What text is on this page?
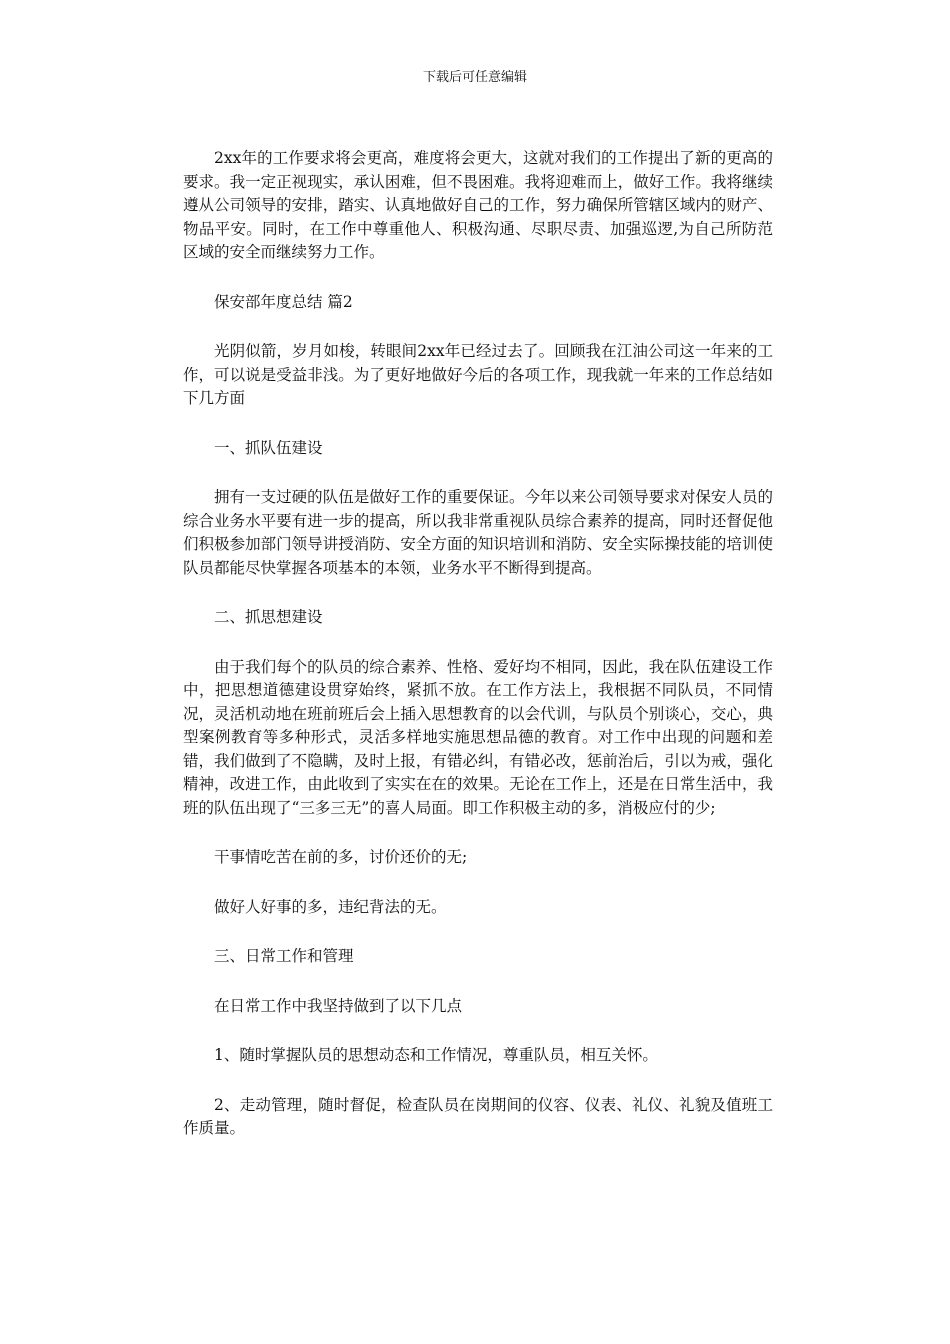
下载后可任意编辑

2xx年的工作要求将会更高，难度将会更大，这就对我们的工作提出了新的更高的要求。我一定正视现实，承认困难，但不畏困难。我将迎难而上，做好工作。我将继续遵从公司领导的安排，踏实、认真地做好自己的工作，努力确保所管辖区域内的财产、物品平安。同时，在工作中尊重他人、积极沟通、尽职尽责、加强巡逻,为自己所防范区域的安全而继续努力工作。

保安部年度总结 篇2

光阴似箭，岁月如梭，转眼间2xx年已经过去了。回顾我在江油公司这一年来的工作，可以说是受益非浅。为了更好地做好今后的各项工作，现我就一年来的工作总结如下几方面

一、抓队伍建设

拥有一支过硬的队伍是做好工作的重要保证。今年以来公司领导要求对保安人员的综合业务水平要有进一步的提高，所以我非常重视队员综合素养的提高，同时还督促他们积极参加部门领导讲授消防、安全方面的知识培训和消防、安全实际操技能的培训使队员都能尽快掌握各项基本的本领，业务水平不断得到提高。

二、抓思想建设

由于我们每个的队员的综合素养、性格、爱好均不相同，因此，我在队伍建设工作中，把思想道德建设贯穿始终，紧抓不放。在工作方法上，我根据不同队员，不同情况，灵活机动地在班前班后会上插入思想教育的以会代训，与队员个别谈心，交心，典型案例教育等多种形式，灵活多样地实施思想品德的教育。对工作中出现的问题和差错，我们做到了不隐瞒，及时上报，有错必纠，有错必改，惩前治后，引以为戒，强化精神，改进工作，由此收到了实实在在的效果。无论在工作上，还是在日常生活中，我班的队伍出现了“三多三无”的喜人局面。即工作积极主动的多，消极应付的少;

干事情吃苦在前的多，讨价还价的无;

做好人好事的多，违纪背法的无。

三、日常工作和管理

在日常工作中我坚持做到了以下几点

1、随时掌握队员的思想动态和工作情况，尊重队员，相互关怀。

2、走动管理，随时督促，检查队员在岗期间的仪容、仪表、礼仪、礼貌及值班工作质量。
